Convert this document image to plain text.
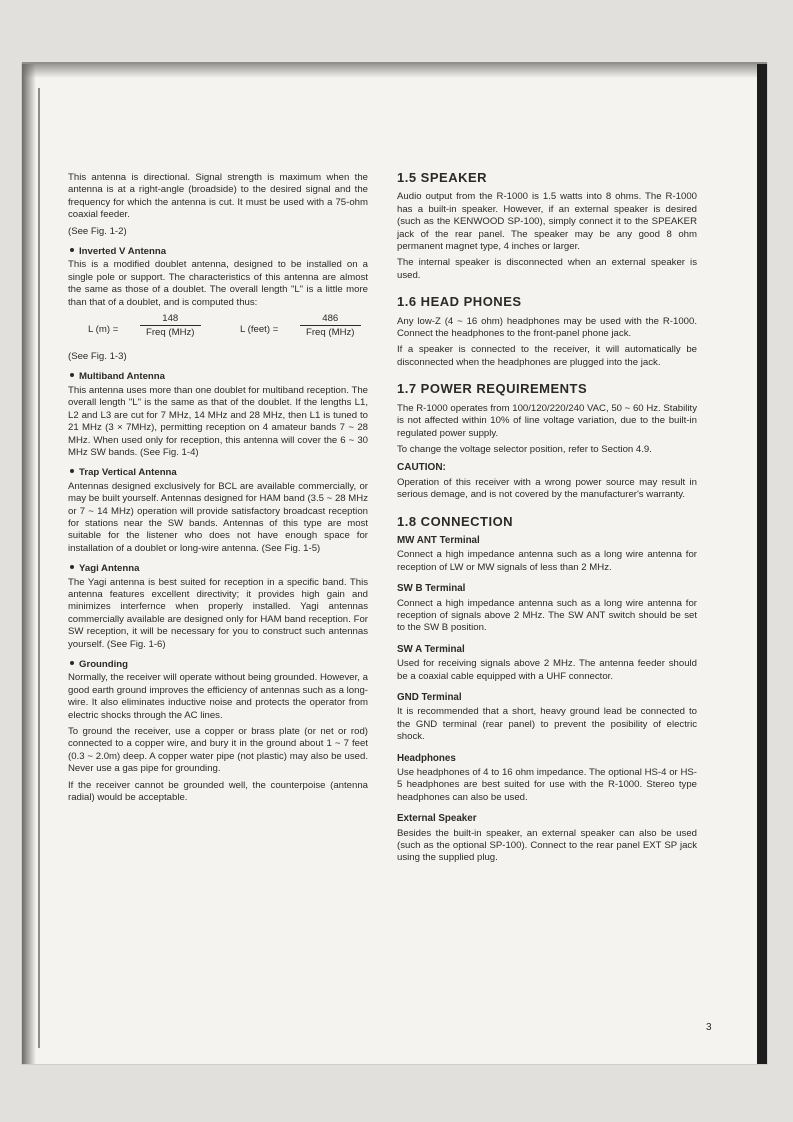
This antenna is directional. Signal strength is maximum when the antenna is at a right-angle (broadside) to the desired signal and the frequency for which the antenna is cut. It must be used with a 75-ohm coaxial feeder.

(See Fig. 1-2)

Inverted V Antenna

This is a modified doublet antenna, designed to be installed on a single pole or support. The characteristics of this antenna are almost the same as those of a doublet. The overall length "L" is a little more than that of a doublet, and is computed thus:

L (m) =
148
Freq (MHz)	L (feet) =
486
Freq (MHz)

(See Fig. 1-3)

Multiband Antenna

This antenna uses more than one doublet for multiband reception. The overall length "L" is the same as that of the doublet. If the lengths L1, L2 and L3 are cut for 7 MHz, 14 MHz and 28 MHz, then L1 is tuned to 21 MHz (3 × 7MHz), permitting reception on 4 amateur bands 7 ~ 28 MHz. When used only for reception, this antenna will cover the 6 ~ 30 MHz SW bands. (See Fig. 1-4)

Trap Vertical Antenna

Antennas designed exclusively for BCL are available commercially, or may be built yourself. Antennas designed for HAM band (3.5 ~ 28 MHz or 7 ~ 14 MHz) operation will provide satisfactory broadcast reception for stations near the SW bands. Antennas of this type are most suitable for the listener who does not have enough space for installation of a doublet or long-wire antenna. (See Fig. 1-5)

Yagi Antenna

The Yagi antenna is best suited for reception in a specific band. This antenna features excellent directivity; it provides high gain and minimizes interfernce when properly installed. Yagi antennas commercially available are designed only for HAM band reception. For SW reception, it will be necessary for you to construct such antennas yourself. (See Fig. 1-6)

Grounding

Normally, the receiver will operate without being grounded. However, a good earth ground improves the efficiency of antennas such as a long-wire. It also eliminates inductive noise and protects the operator from electric shocks through the AC lines.

To ground the receiver, use a copper or brass plate (or net or rod) connected to a copper wire, and bury it in the ground about 1 ~ 7 feet (0.3 ~ 2.0m) deep. A copper water pipe (not plastic) may also be used. Never use a gas pipe for grounding.

If the receiver cannot be grounded well, the counterpoise (antenna radial) would be acceptable.

1.5 SPEAKER

Audio output from the R-1000 is 1.5 watts into 8 ohms. The R-1000 has a built-in speaker. However, if an external speaker is desired (such as the KENWOOD SP-100), simply connect it to the SPEAKER jack of the rear panel. The speaker may be any good 8 ohm permanent magnet type, 4 inches or larger.

The internal speaker is disconnected when an external speaker is used.

1.6 HEAD PHONES

Any low-Z (4 ~ 16 ohm) headphones may be used with the R-1000. Connect the headphones to the front-panel phone jack.

If a speaker is connected to the receiver, it will automatically be disconnected when the headphones are plugged into the jack.

1.7 POWER REQUIREMENTS

The R-1000 operates from 100/120/220/240 VAC, 50 ~ 60 Hz. Stability is not affected within 10% of line voltage variation, due to the built-in regulated power supply.

To change the voltage selector position, refer to Section 4.9.

CAUTION:

Operation of this receiver with a wrong power source may result in serious demage, and is not covered by the manufacturer's warranty.

1.8 CONNECTION
MW ANT Terminal

Connect a high impedance antenna such as a long wire antenna for reception of LW or MW signals of less than 2 MHz.

SW B Terminal

Connect a high impedance antenna such as a long wire antenna for reception of signals above 2 MHz. The SW ANT switch should be set to the SW B position.

SW A Terminal

Used for receiving signals above 2 MHz. The antenna feeder should be a coaxial cable equipped with a UHF connector.

GND Terminal

It is recommended that a short, heavy ground lead be connected to the GND terminal (rear panel) to prevent the posibility of electric shock.

Headphones

Use headphones of 4 to 16 ohm impedance. The optional HS-4 or HS-5 headphones are best suited for use with the R-1000. Stereo type headphones can also be used.

External Speaker

Besides the built-in speaker, an external speaker can also be used (such as the optional SP-100). Connect to the rear panel EXT SP jack using the supplied plug.

3
